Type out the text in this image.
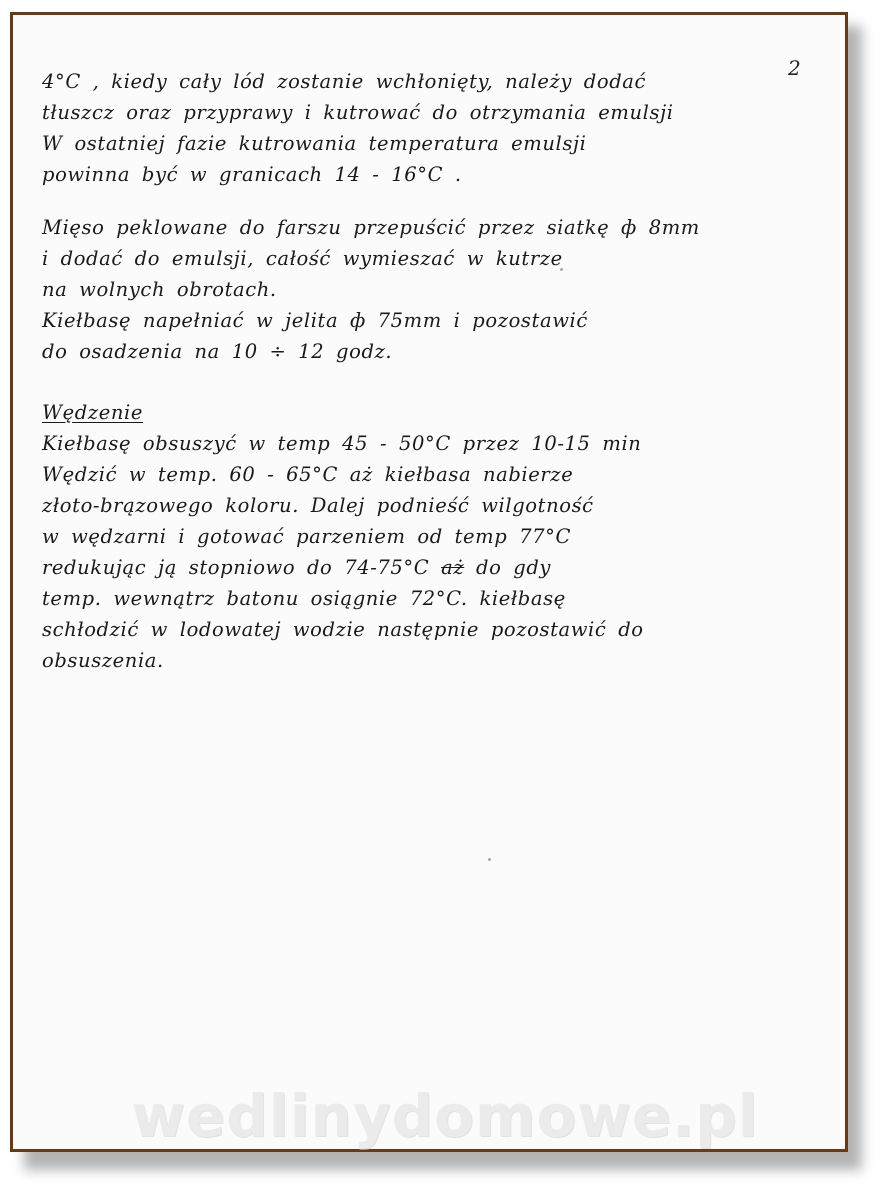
2
4°C , kiedy cały lód zostanie wchłonięty, należy dodać
tłuszcz oraz przyprawy i kutrować do otrzymania emulsji
W ostatniej fazie kutrowania temperatura emulsji
powinna być w granicach 14 - 16°C .
Mięso peklowane do farszu przepuścić przez siatkę ф 8mm
i dodać do emulsji, całość wymieszać w kutrze
na wolnych obrotach.
Kiełbasę napełniać w jelita ф 75mm i pozostawić
do osadzenia na 10 ÷ 12 godz.
Wędzenie
Kiełbasę obsuszyć w temp 45 - 50°C przez 10-15 min
Wędzić w temp. 60 - 65°C aż kiełbasa nabierze
złoto-brązowego koloru. Dalej podnieść wilgotność
w wędzarni i gotować parzeniem od temp 77°C
redukując ją stopniowo do 74-75°C aż do gdy
temp. wewnątrz batonu osiągnie 72°C. kiełbasę
schłodzić w lodowatej wodzie następnie pozostawić do
obsuszenia.
wedlinydomowe.pl
